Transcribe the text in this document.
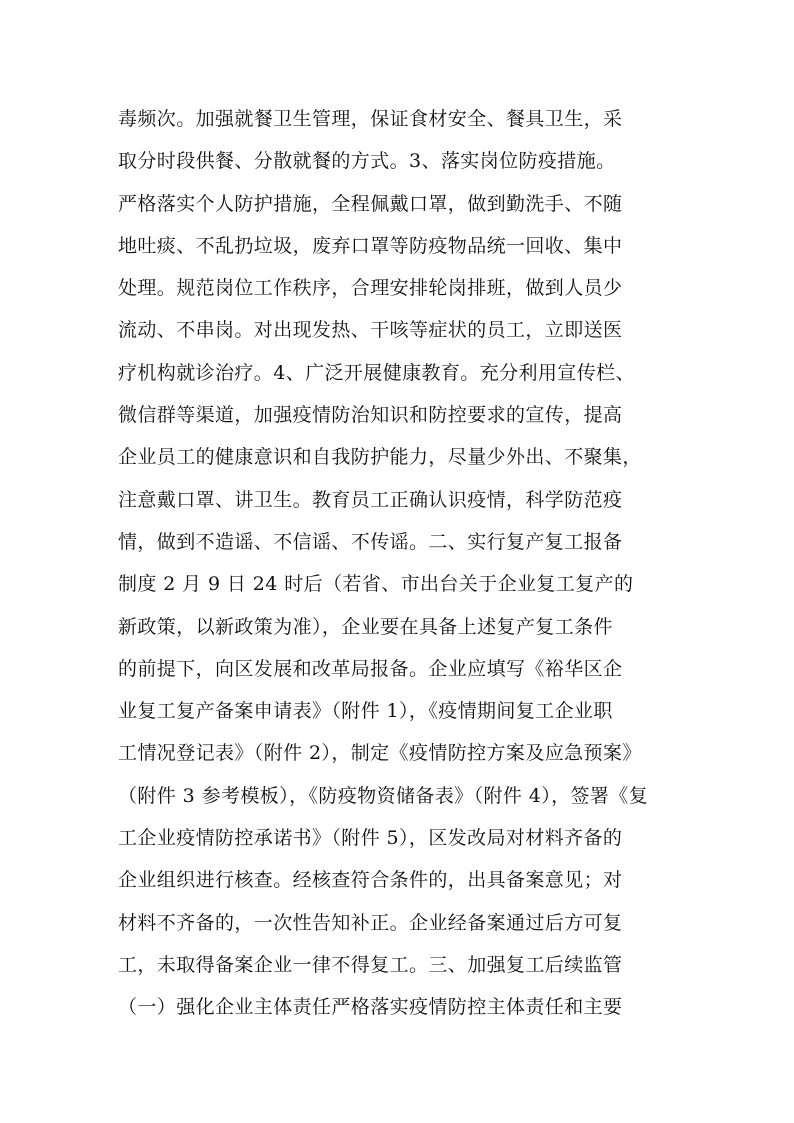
毒频次。加强就餐卫生管理，保证食材安全、餐具卫生，采
取分时段供餐、分散就餐的方式。3、落实岗位防疫措施。
严格落实个人防护措施，全程佩戴口罩，做到勤洗手、不随
地吐痰、不乱扔垃圾，废弃口罩等防疫物品统一回收、集中
处理。规范岗位工作秩序，合理安排轮岗排班，做到人员少
流动、不串岗。对出现发热、干咳等症状的员工，立即送医
疗机构就诊治疗。4、广泛开展健康教育。充分利用宣传栏、
微信群等渠道，加强疫情防治知识和防控要求的宣传，提高
企业员工的健康意识和自我防护能力，尽量少外出、不聚集，
注意戴口罩、讲卫生。教育员工正确认识疫情，科学防范疫
情，做到不造谣、不信谣、不传谣。二、实行复产复工报备
制度 2 月 9 日 24 时后（若省、市出台关于企业复工复产的
新政策，以新政策为准），企业要在具备上述复产复工条件
的前提下，向区发展和改革局报备。企业应填写《裕华区企
业复工复产备案申请表》（附件 1），《疫情期间复工企业职
工情况登记表》（附件 2），制定《疫情防控方案及应急预案》
（附件 3 参考模板），《防疫物资储备表》（附件 4），签署《复
工企业疫情防控承诺书》（附件 5），区发改局对材料齐备的
企业组织进行核查。经核查符合条件的，出具备案意见；对
材料不齐备的，一次性告知补正。企业经备案通过后方可复
工，未取得备案企业一律不得复工。三、加强复工后续监管
（一）强化企业主体责任严格落实疫情防控主体责任和主要
